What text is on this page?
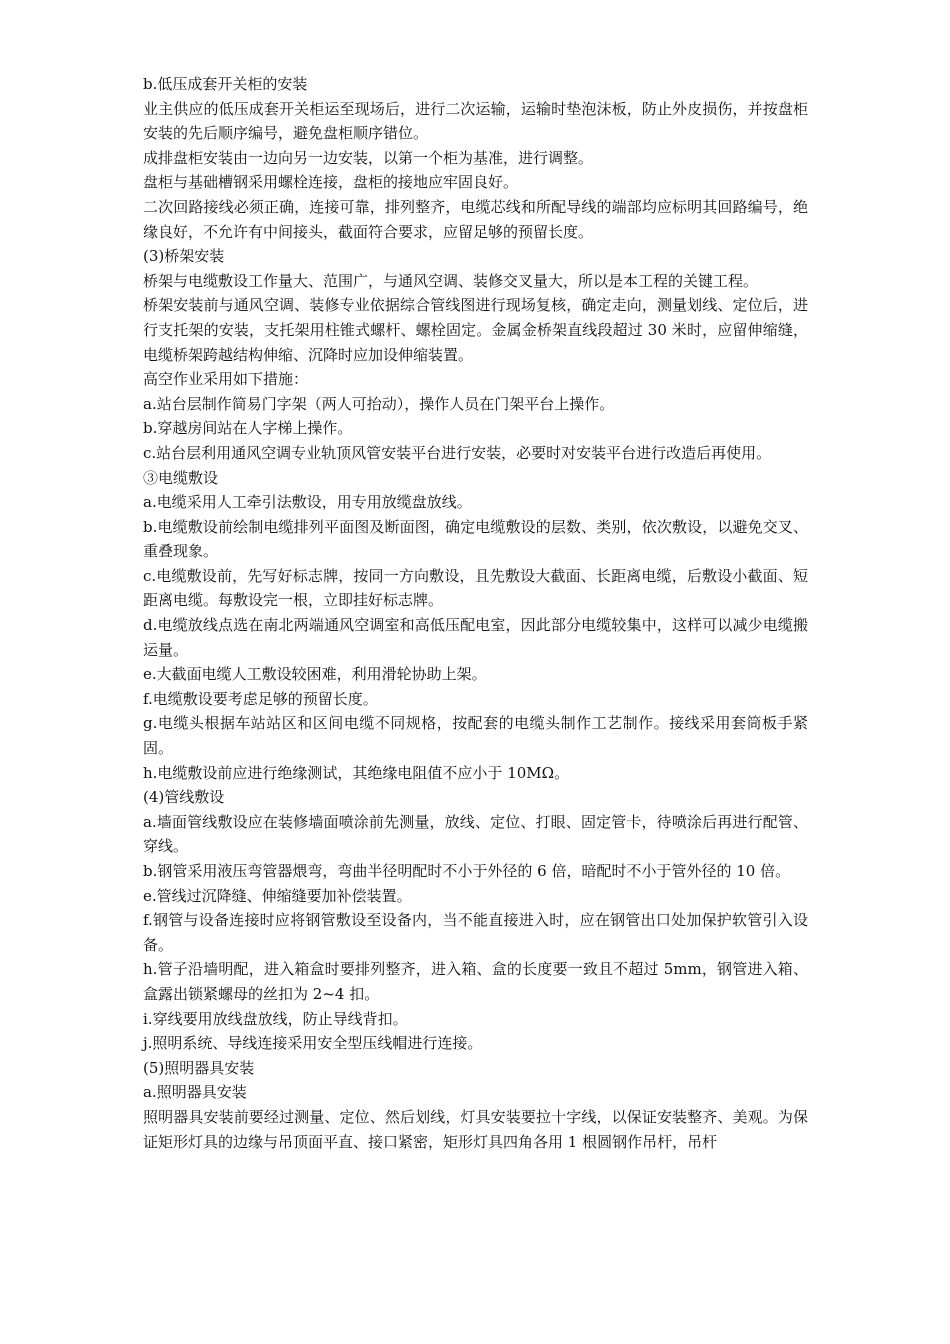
b.低压成套开关柜的安装

业主供应的低压成套开关柜运至现场后，进行二次运输，运输时垫泡沫板，防止外皮损伤，并按盘柜安装的先后顺序编号，避免盘柜顺序错位。

成排盘柜安装由一边向另一边安装，以第一个柜为基准，进行调整。

盘柜与基础槽钢采用螺栓连接，盘柜的接地应牢固良好。

二次回路接线必须正确，连接可靠，排列整齐，电缆芯线和所配导线的端部均应标明其回路编号，绝缘良好，不允许有中间接头，截面符合要求，应留足够的预留长度。

(3)桥架安装

桥架与电缆敷设工作量大、范围广，与通风空调、装修交叉量大，所以是本工程的关键工程。

桥架安装前与通风空调、装修专业依据综合管线图进行现场复核，确定走向，测量划线、定位后，进行支托架的安装，支托架用柱锥式螺杆、螺栓固定。金属金桥架直线段超过 30 米时，应留伸缩缝，电缆桥架跨越结构伸缩、沉降时应加设伸缩装置。

高空作业采用如下措施：

a.站台层制作简易门字架（两人可抬动），操作人员在门架平台上操作。

b.穿越房间站在人字梯上操作。

c.站台层利用通风空调专业轨顶风管安装平台进行安装，必要时对安装平台进行改造后再使用。

③电缆敷设

a.电缆采用人工牵引法敷设，用专用放缆盘放线。

b.电缆敷设前绘制电缆排列平面图及断面图，确定电缆敷设的层数、类别，依次敷设，以避免交叉、重叠现象。

c.电缆敷设前，先写好标志牌，按同一方向敷设，且先敷设大截面、长距离电缆，后敷设小截面、短距离电缆。每敷设完一根，立即挂好标志牌。

d.电缆放线点选在南北两端通风空调室和高低压配电室，因此部分电缆较集中，这样可以减少电缆搬运量。

e.大截面电缆人工敷设较困难，利用滑轮协助上架。

f.电缆敷设要考虑足够的预留长度。

g.电缆头根据车站站区和区间电缆不同规格，按配套的电缆头制作工艺制作。接线采用套筒板手紧固。

h.电缆敷设前应进行绝缘测试，其绝缘电阻值不应小于 10MΩ。

(4)管线敷设

a.墙面管线敷设应在装修墙面喷涂前先测量，放线、定位、打眼、固定管卡，待喷涂后再进行配管、穿线。

b.钢管采用液压弯管器煨弯，弯曲半径明配时不小于外径的 6 倍，暗配时不小于管外径的 10 倍。

e.管线过沉降缝、伸缩缝要加补偿装置。

f.钢管与设备连接时应将钢管敷设至设备内，当不能直接进入时，应在钢管出口处加保护软管引入设备。

h.管子沿墙明配，进入箱盒时要排列整齐，进入箱、盒的长度要一致且不超过 5mm，钢管进入箱、盒露出锁紧螺母的丝扣为 2~4 扣。

i.穿线要用放线盘放线，防止导线背扣。

j.照明系统、导线连接采用安全型压线帽进行连接。

(5)照明器具安装

a.照明器具安装

照明器具安装前要经过测量、定位、然后划线，灯具安装要拉十字线，以保证安装整齐、美观。为保证矩形灯具的边缘与吊顶面平直、接口紧密，矩形灯具四角各用 1 根圆钢作吊杆，吊杆
